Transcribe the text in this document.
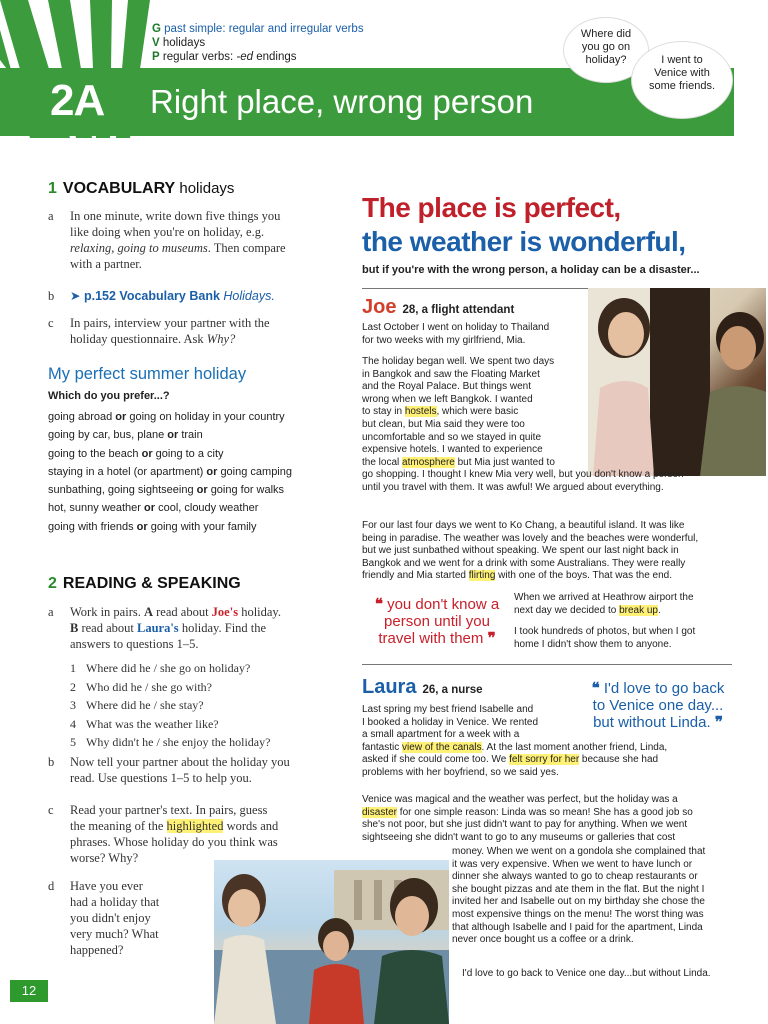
G past simple: regular and irregular verbs
V holidays
P regular verbs: -ed endings
2A Right place, wrong person
Where did
you go on
holiday?	I went to
Venice with
some friends.
1 VOCABULARY holidays
a In one minute, write down five things you
like doing when you're on holiday, e.g.
relaxing, going to museums. Then compare
with a partner.
b ➤ p.152 Vocabulary Bank Holidays.
c In pairs, interview your partner with the
holiday questionnaire. Ask Why?
My perfect summer holiday
Which do you prefer...?
going abroad or going on holiday in your country
going by car, bus, plane or train
going to the beach or going to a city
staying in a hotel (or apartment) or going camping
sunbathing, going sightseeing or going for walks
hot, sunny weather or cool, cloudy weather
going with friends or going with your family
2 READING & SPEAKING
a Work in pairs. A read about Joe's holiday.
B read about Laura's holiday. Find the
answers to questions 1–5.
1 Where did he / she go on holiday?
2 Who did he / she go with?
3 Where did he / she stay?
4 What was the weather like?
5 Why didn't he / she enjoy the holiday?
b Now tell your partner about the holiday you
read. Use questions 1–5 to help you.
c Read your partner's text. In pairs, guess
the meaning of the highlighted words and
phrases. Whose holiday do you think was
worse? Why?
d Have you ever
had a holiday that
you didn't enjoy
very much? What
happened?
12
The place is perfect,
the weather is wonderful,
but if you're with the wrong person, a holiday can be a disaster...
Joe 28, a flight attendant
Last October I went on holiday to Thailand
for two weeks with my girlfriend, Mia.
The holiday began well. We spent two days
in Bangkok and saw the Floating Market
and the Royal Palace. But things went
wrong when we left Bangkok. I wanted
to stay in hostels, which were basic
but clean, but Mia said they were too
uncomfortable and so we stayed in quite
expensive hotels. I wanted to experience
the local atmosphere but Mia just wanted to
go shopping. I thought I knew Mia very well, but you don't know a person
until you travel with them. It was awful! We argued about everything.
For our last four days we went to Ko Chang, a beautiful island. It was like
being in paradise. The weather was lovely and the beaches were wonderful,
but we just sunbathed without speaking. We spent our last night back in
Bangkok and we went for a drink with some Australians. They were really
friendly and Mia started flirting with one of the boys. That was the end.
❝ you don't know a
person until you
travel with them ❞
When we arrived at Heathrow airport the
next day we decided to break up.
I took hundreds of photos, but when I got
home I didn't show them to anyone.
Laura 26, a nurse	❝ I'd love to go back
to Venice one day...
but without Linda. ❞
Last spring my best friend Isabelle and
I booked a holiday in Venice. We rented
a small apartment for a week with a
fantastic view of the canals. At the last moment another friend, Linda,
asked if she could come too. We felt sorry for her because she had
problems with her boyfriend, so we said yes.
Venice was magical and the weather was perfect, but the holiday was a
disaster for one simple reason: Linda was so mean! She has a good job so
she's not poor, but she just didn't want to pay for anything. When we went
sightseeing she didn't want to go to any museums or galleries that cost
money. When we went on a gondola she complained that
it was very expensive. When we went to have lunch or
dinner she always wanted to go to cheap restaurants or
she bought pizzas and ate them in the flat. But the night I
invited her and Isabelle out on my birthday she chose the
most expensive things on the menu! The worst thing was
that although Isabelle and I paid for the apartment, Linda
never once bought us a coffee or a drink.
I'd love to go back to Venice one day...but without Linda.
